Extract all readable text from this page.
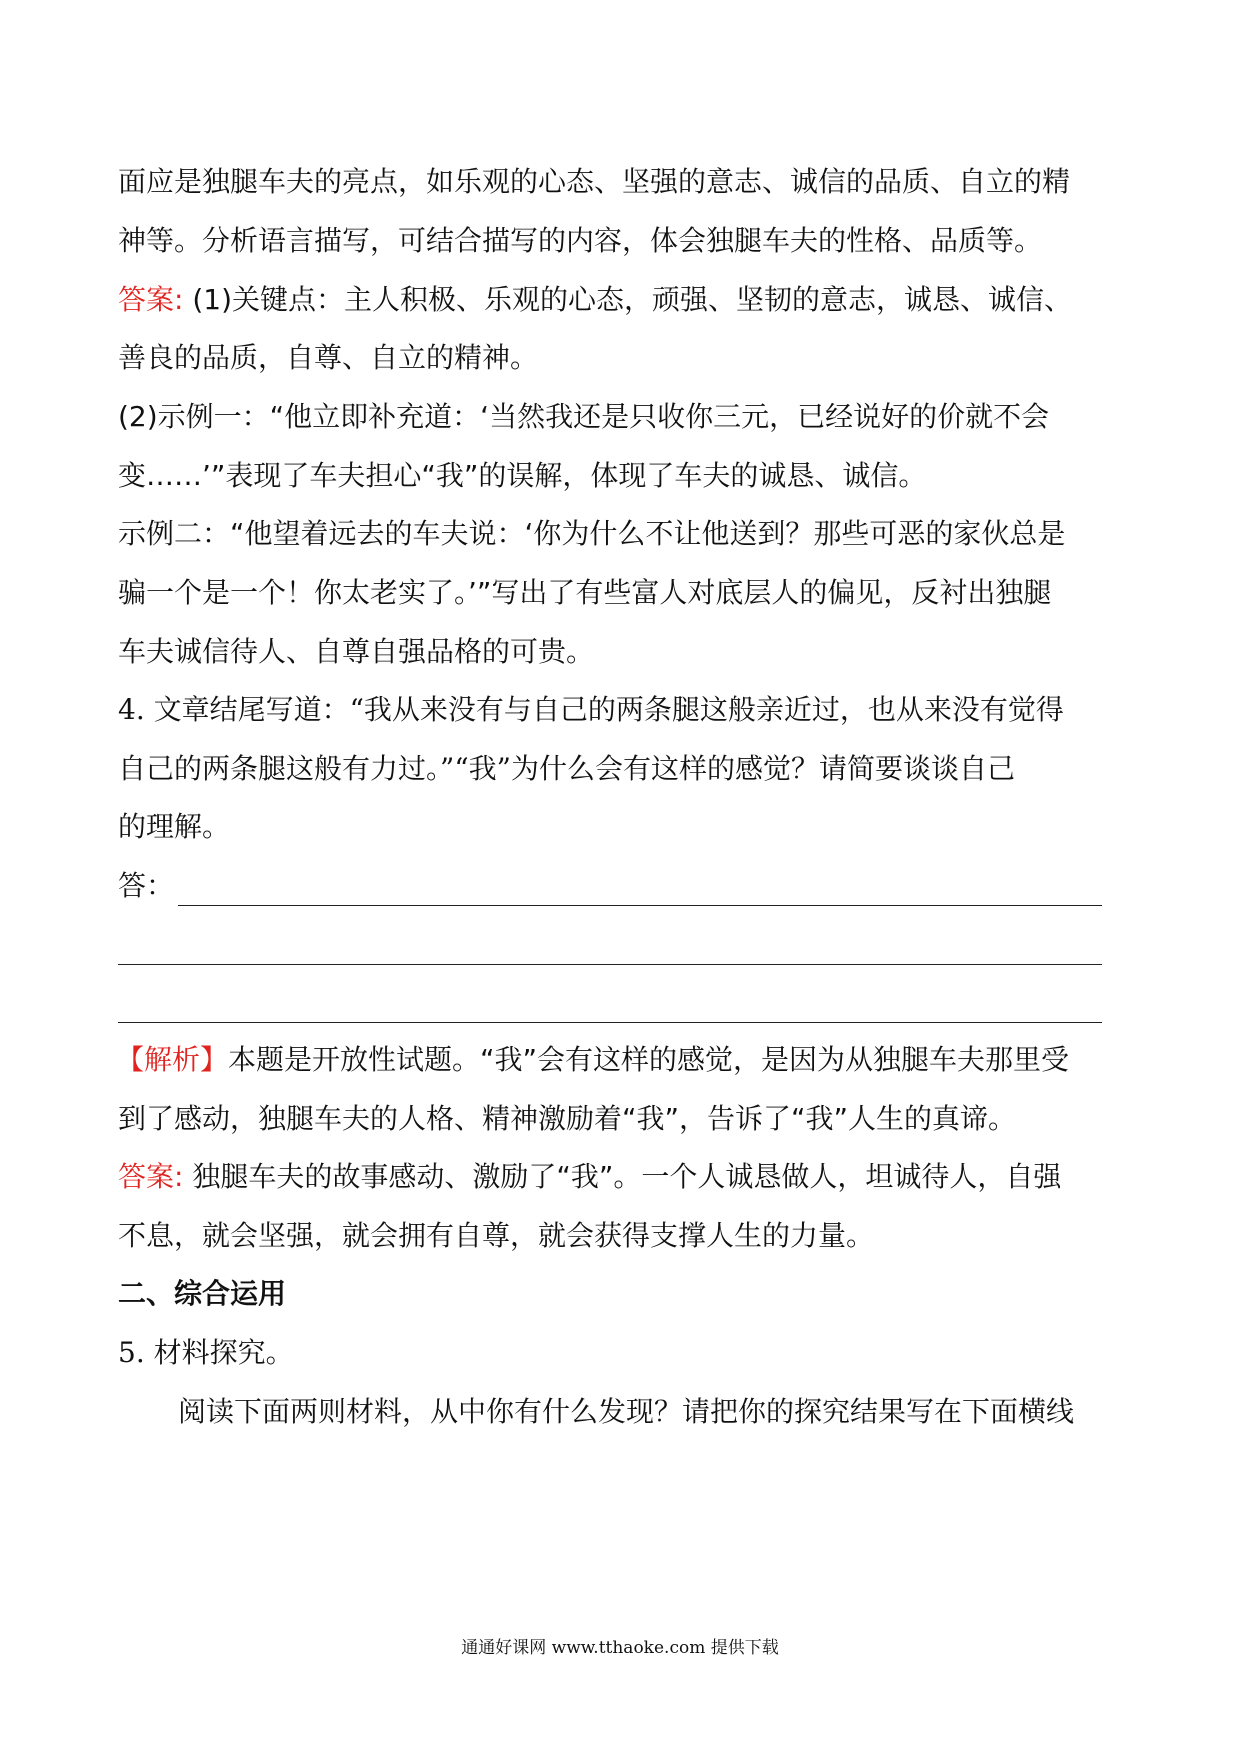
面应是独腿车夫的亮点，如乐观的心态、坚强的意志、诚信的品质、自立的精
神等。分析语言描写，可结合描写的内容，体会独腿车夫的性格、品质等。
答案: (1)关键点：主人积极、乐观的心态，顽强、坚韧的意志，诚恳、诚信、
善良的品质，自尊、自立的精神。
(2)示例一：“他立即补充道：‘当然我还是只收你三元，已经说好的价就不会
变……’”表现了车夫担心“我”的误解，体现了车夫的诚恳、诚信。
示例二：“他望着远去的车夫说：‘你为什么不让他送到？那些可恶的家伙总是
骗一个是一个！你太老实了。’”写出了有些富人对底层人的偏见，反衬出独腿
车夫诚信待人、自尊自强品格的可贵。
4. 文章结尾写道：“我从来没有与自己的两条腿这般亲近过，也从来没有觉得
自己的两条腿这般有力过。”“我”为什么会有这样的感觉？请简要谈谈自己
的理解。
答：
【解析】本题是开放性试题。“我”会有这样的感觉，是因为从独腿车夫那里受
到了感动，独腿车夫的人格、精神激励着“我”，告诉了“我”人生的真谛。
答案: 独腿车夫的故事感动、激励了“我”。一个人诚恳做人，坦诚待人，自强
不息，就会坚强，就会拥有自尊，就会获得支撑人生的力量。
二、综合运用
5. 材料探究。
阅读下面两则材料，从中你有什么发现？请把你的探究结果写在下面横线
通通好课网 www.tthaoke.com 提供下载
